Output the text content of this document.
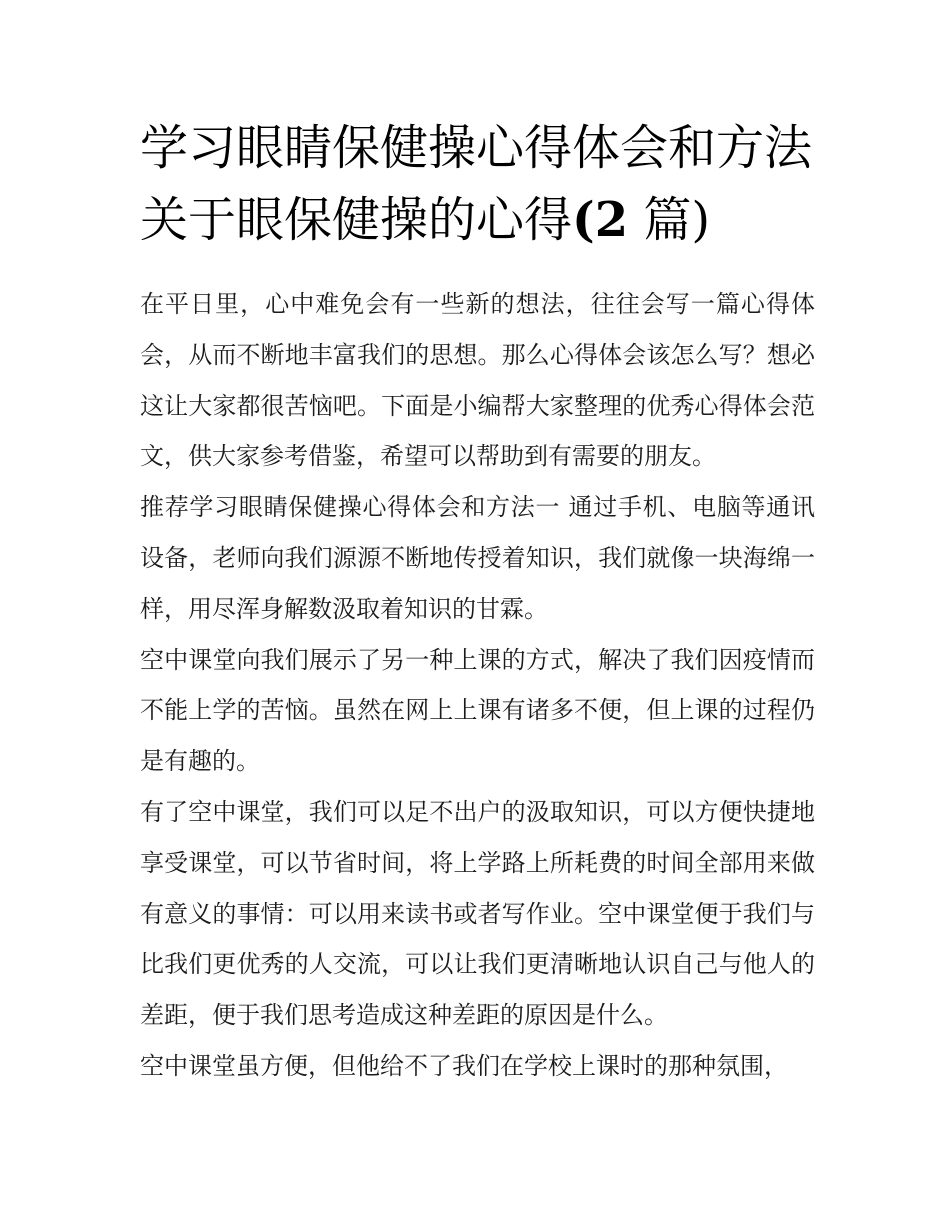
学习眼睛保健操心得体会和方法 关于眼保健操的心得(2 篇)

在平日里，心中难免会有一些新的想法，往往会写一篇心得体会，从而不断地丰富我们的思想。那么心得体会该怎么写？想必这让大家都很苦恼吧。下面是小编帮大家整理的优秀心得体会范文，供大家参考借鉴，希望可以帮助到有需要的朋友。

推荐学习眼睛保健操心得体会和方法一 通过手机、电脑等通讯设备，老师向我们源源不断地传授着知识，我们就像一块海绵一样，用尽浑身解数汲取着知识的甘霖。

空中课堂向我们展示了另一种上课的方式，解决了我们因疫情而不能上学的苦恼。虽然在网上上课有诸多不便，但上课的过程仍是有趣的。

有了空中课堂，我们可以足不出户的汲取知识，可以方便快捷地享受课堂，可以节省时间，将上学路上所耗费的时间全部用来做有意义的事情：可以用来读书或者写作业。空中课堂便于我们与比我们更优秀的人交流，可以让我们更清晰地认识自己与他人的差距，便于我们思考造成这种差距的原因是什么。

空中课堂虽方便，但他给不了我们在学校上课时的那种氛围，
